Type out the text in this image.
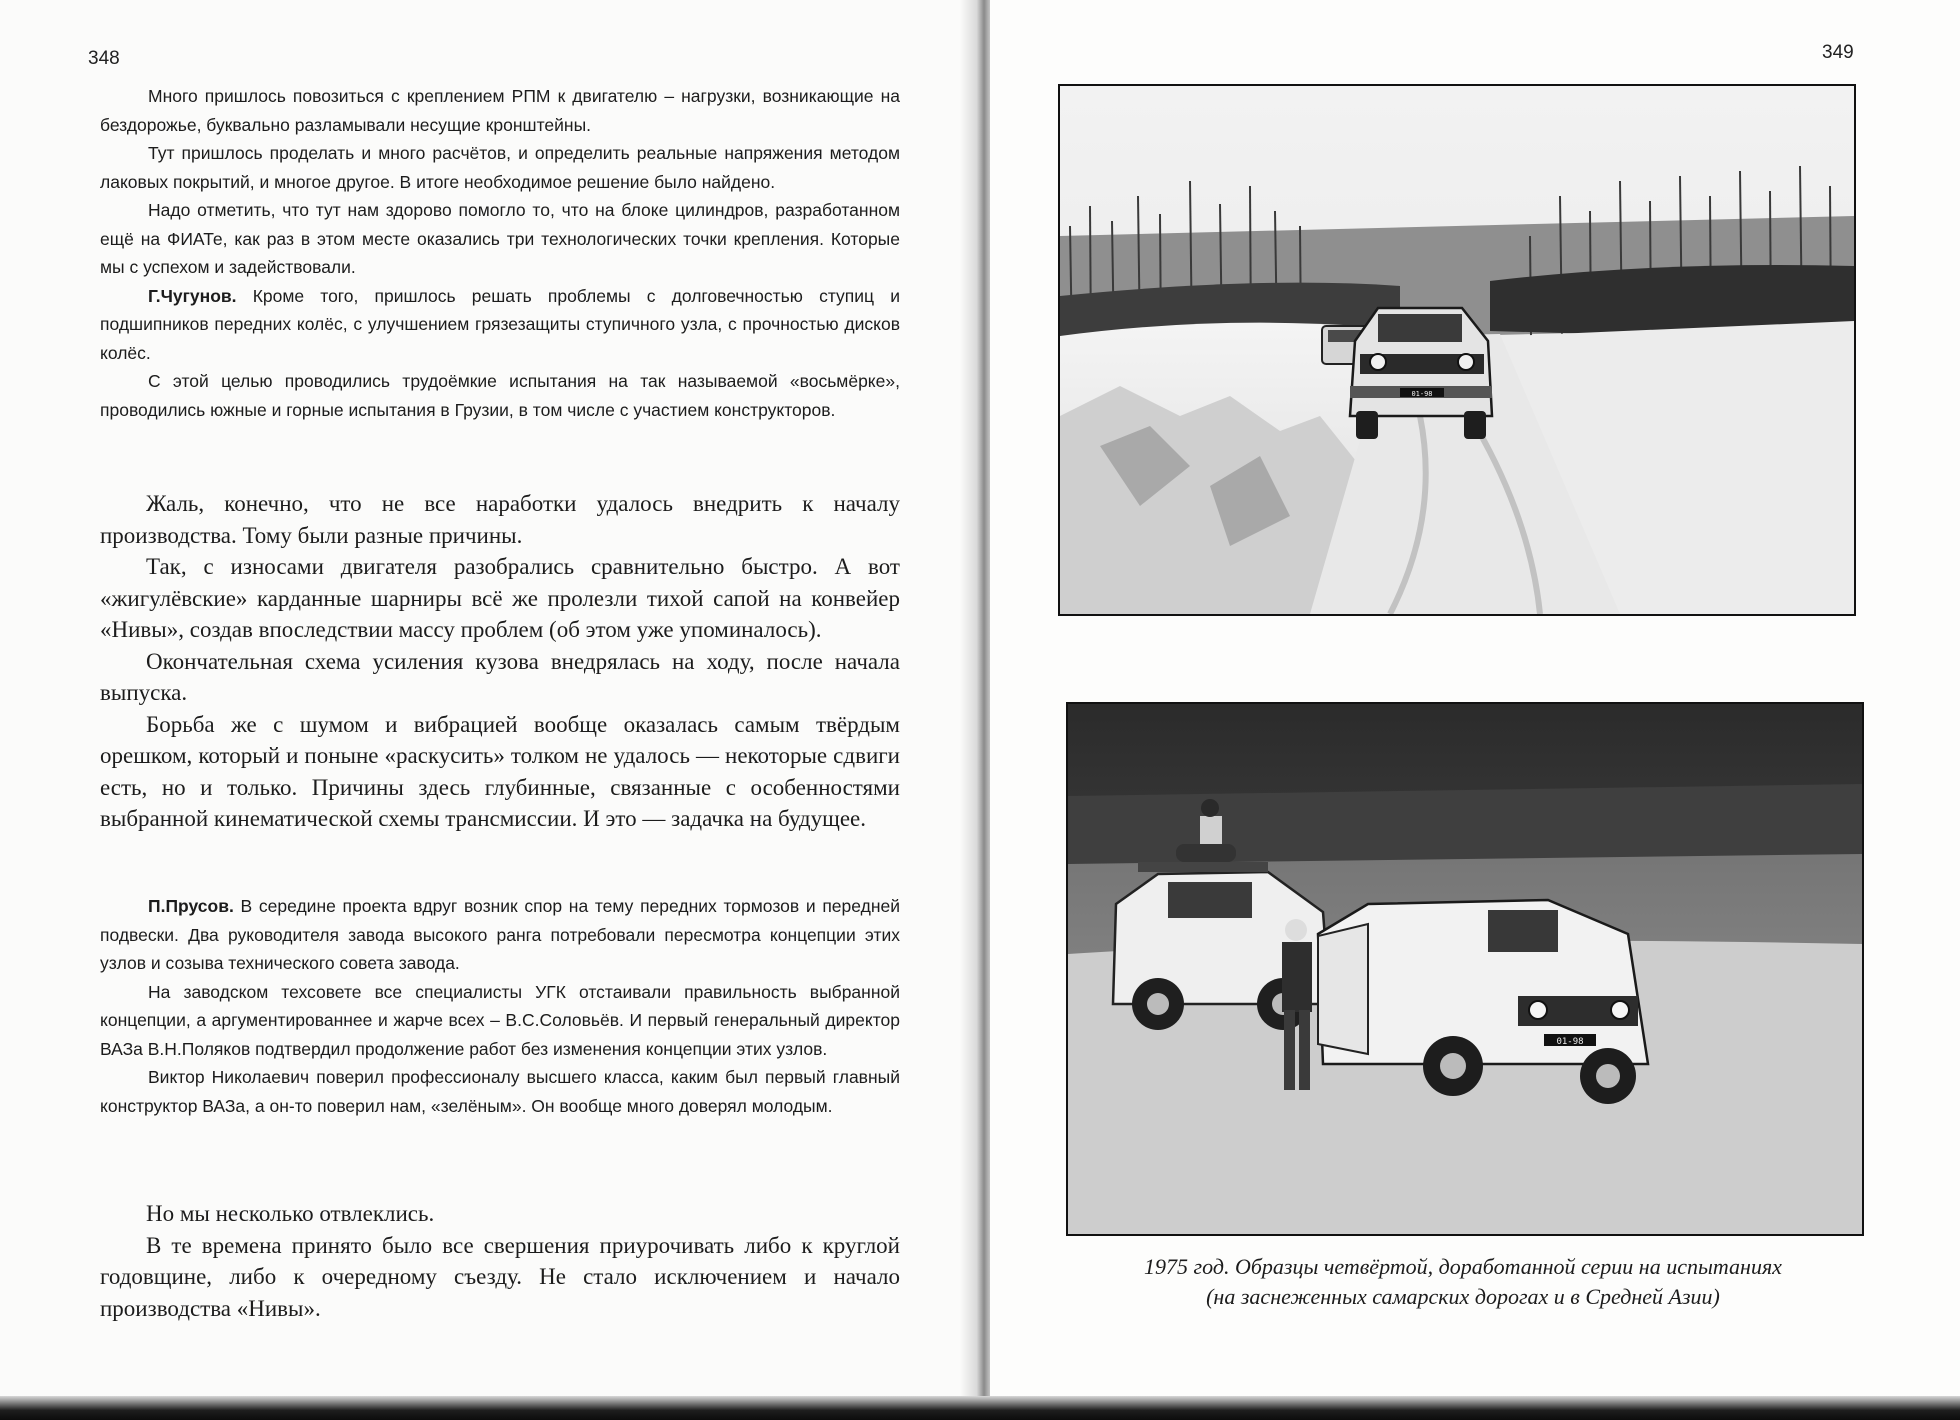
348

Много пришлось повозиться с креплением РПМ к двигателю – нагрузки, возникающие на бездорожье, буквально разламывали несущие кронштейны.

Тут пришлось проделать и много расчётов, и определить реальные напряжения методом лаковых покрытий, и многое другое. В итоге необходимое решение было найдено.

Надо отметить, что тут нам здорово помогло то, что на блоке цилиндров, разработанном ещё на ФИАТе, как раз в этом месте оказались три технологических точки крепления. Которые мы с успехом и задействовали.

Г.Чугунов. Кроме того, пришлось решать проблемы с долговечностью ступиц и подшипников передних колёс, с улучшением грязезащиты ступичного узла, с прочностью дисков колёс.

С этой целью проводились трудоёмкие испытания на так называемой «восьмёрке», проводились южные и горные испытания в Грузии, в том числе с участием конструкторов.

Жаль, конечно, что не все наработки удалось внедрить к началу производства. Тому были разные причины.

Так, с износами двигателя разобрались сравнительно быстро. А вот «жигулёвские» карданные шарниры всё же пролезли тихой сапой на конвейер «Нивы», создав впоследствии массу проблем (об этом уже упоминалось).

Окончательная схема усиления кузова внедрялась на ходу, после начала выпуска.

Борьба же с шумом и вибрацией вообще оказалась самым твёрдым орешком, который и поныне «раскусить» толком не удалось — некоторые сдвиги есть, но и только. Причины здесь глубинные, связанные с особенностями выбранной кинематической схемы трансмиссии. И это — задачка на будущее.

П.Прусов. В середине проекта вдруг возник спор на тему передних тормозов и передней подвески. Два руководителя завода высокого ранга потребовали пересмотра концепции этих узлов и созыва технического совета завода.

На заводском техсовете все специалисты УГК отстаивали правильность выбранной концепции, а аргументированнее и жарче всех – В.С.Соловьёв. И первый генеральный директор ВАЗа В.Н.Поляков подтвердил продолжение работ без изменения концепции этих узлов.

Виктор Николаевич поверил профессионалу высшего класса, каким был первый главный конструктор ВАЗа, а он-то поверил нам, «зелёным». Он вообще много доверял молодым.

Но мы несколько отвлеклись.

В те времена принято было все свершения приурочивать либо к круглой годовщине, либо к очередному съезду. Не стало исключением и начало производства «Нивы».

349
01-98
01-98
1975 год. Образцы четвёртой, доработанной серии на испытаниях
(на заснеженных самарских дорогах и в Средней Азии)
